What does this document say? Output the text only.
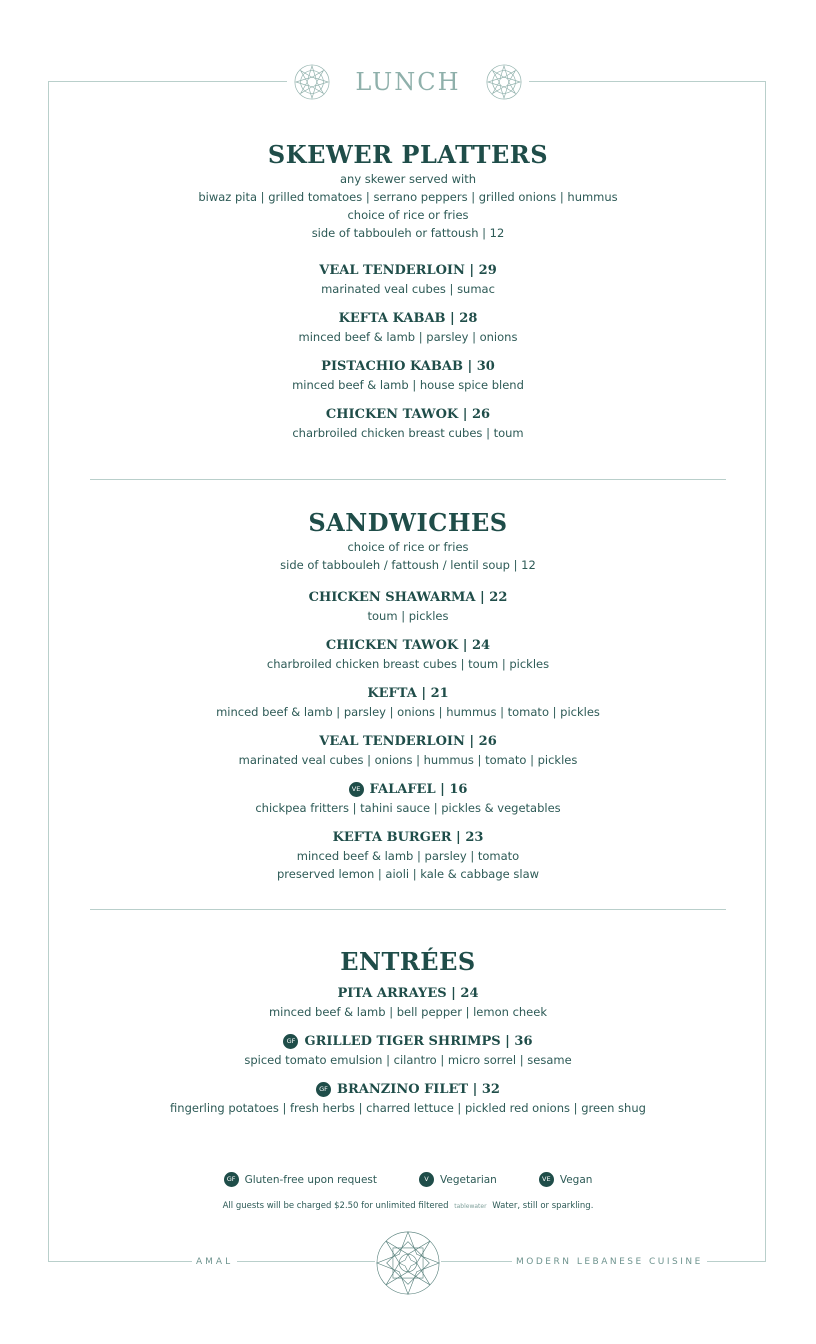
LUNCH
SKEWER PLATTERS
any skewer served with
biwaz pita | grilled tomatoes | serrano peppers | grilled onions | hummus
choice of rice or fries
side of tabbouleh or fattoush | 12
VEAL TENDERLOIN | 29
marinated veal cubes | sumac
KEFTA KABAB | 28
minced beef & lamb | parsley | onions
PISTACHIO KABAB | 30
minced beef & lamb | house spice blend
CHICKEN TAWOK | 26
charbroiled chicken breast cubes | toum
SANDWICHES
choice of rice or fries
side of tabbouleh / fattoush / lentil soup | 12
CHICKEN SHAWARMA | 22
toum | pickles
CHICKEN TAWOK | 24
charbroiled chicken breast cubes | toum | pickles
KEFTA | 21
minced beef & lamb | parsley | onions | hummus | tomato | pickles
VEAL TENDERLOIN | 26
marinated veal cubes | onions | hummus | tomato | pickles
VE FALAFEL | 16
chickpea fritters | tahini sauce | pickles & vegetables
KEFTA BURGER | 23
minced beef & lamb | parsley | tomato
preserved lemon | aioli | kale & cabbage slaw
ENTRÉES
PITA ARRAYES | 24
minced beef & lamb | bell pepper | lemon cheek
GF GRILLED TIGER SHRIMPS | 36
spiced tomato emulsion | cilantro | micro sorrel | sesame
GF BRANZINO FILET | 32
fingerling potatoes | fresh herbs | charred lettuce | pickled red onions | green shug
GF Gluten-free upon request	V	Vegetarian	VE Vegan
All guests will be charged $2.50 for unlimited filtered tablewater Water, still or sparkling.
AMAL	MODERN LEBANESE CUISINE
